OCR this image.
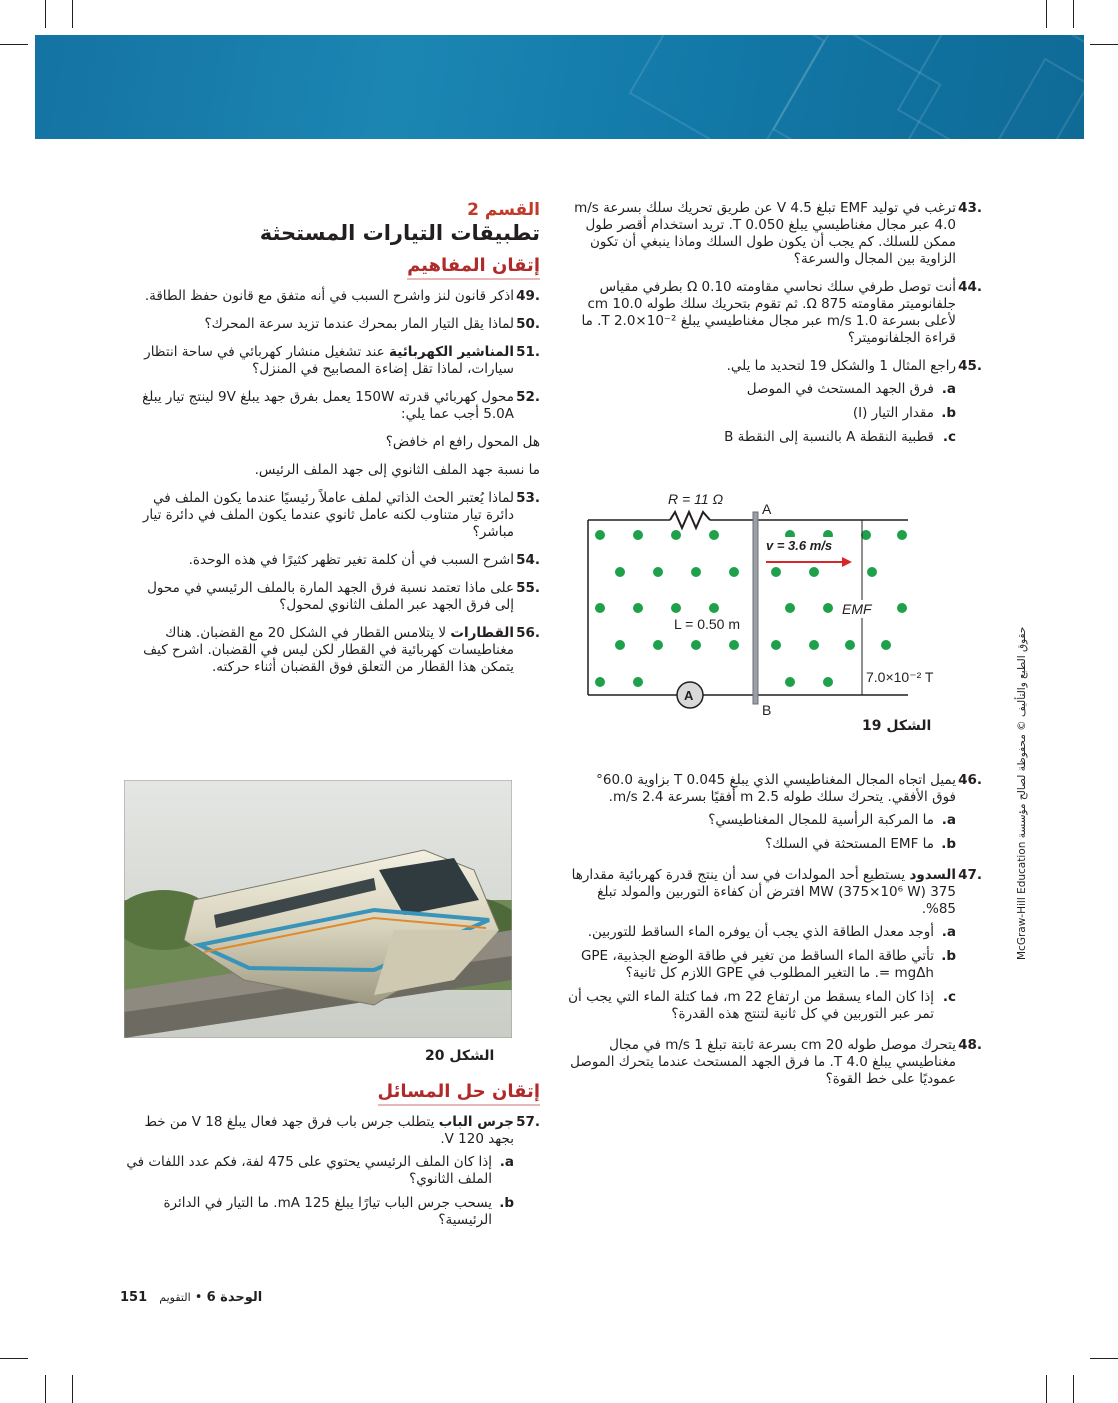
43.

ترغب في توليد EMF تبلغ V 4.5 عن طريق تحريك سلك بسرعة m/s 4.0 عبر مجال مغناطيسي يبلغ T 0.050. تريد استخدام أقصر طول ممكن للسلك. كم يجب أن يكون طول السلك وماذا ينبغي أن تكون الزاوية بين المجال والسرعة؟

44.

أنت توصل طرفي سلك نحاسي مقاومته Ω 0.10 بطرفي مقياس جلفانوميتر مقاومته Ω 875. ثم تقوم بتحريك سلك طوله cm 10.0 لأعلى بسرعة m/s 1.0 عبر مجال مغناطيسي يبلغ T 2.0×10⁻². ما قراءة الجلفانوميتر؟

45.

راجع المثال 1 والشكل 19 لتحديد ما يلي.

a.

فرق الجهد المستحث في الموصل

b.

مقدار التيار (I)

c.

قطبية النقطة A بالنسبة إلى النقطة B

R = 11 Ω
A
B
v = 3.6 m/s
L = 0.50 m
EMF
7.0×10⁻² T
A
الشكل 19
46.

يميل اتجاه المجال المغناطيسي الذي يبلغ T 0.045 بزاوية 60.0° فوق الأفقي. يتحرك سلك طوله m 2.5 أفقيًا بسرعة m/s 2.4.

a.

ما المركبة الرأسية للمجال المغناطيسي؟

b.

ما EMF المستحثة في السلك؟

47.

السدود يستطيع أحد المولدات في سد أن ينتج قدرة كهربائية مقدارها 375 MW (375×10⁶ W) افترض أن كفاءة التوربين والمولد تبلغ 85%.

a.

أوجد معدل الطاقة الذي يجب أن يوفره الماء الساقط للتوربين.

b.

تأتي طاقة الماء الساقط من تغير في طاقة الوضع الجذبية، GPE = mgΔh. ما التغير المطلوب في GPE اللازم كل ثانية؟

c.

إذا كان الماء يسقط من ارتفاع m 22، فما كتلة الماء التي يجب أن تمر عبر التوربين في كل ثانية لتنتج هذه القدرة؟

48.

يتحرك موصل طوله cm 20 بسرعة ثابتة تبلغ m/s 1 في مجال مغناطيسي يبلغ T 4.0. ما فرق الجهد المستحث عندما يتحرك الموصل عموديًا على خط القوة؟

القسم 2
تطبيقات التيارات المستحثة
إتقان المفاهيم
49.

اذكر قانون لنز واشرح السبب في أنه متفق مع قانون حفظ الطاقة.

50.

لماذا يقل التيار المار بمحرك عندما تزيد سرعة المحرك؟

51.

المناشير الكهربائية عند تشغيل منشار كهربائي في ساحة انتظار سيارات، لماذا تقل إضاءة المصابيح في المنزل؟

52.

محول كهربائي قدرته 150W يعمل بفرق جهد يبلغ 9V لينتج تيار يبلغ 5.0A أجب عما يلي:

هل المحول رافع ام خافض؟

ما نسبة جهد الملف الثانوي إلى جهد الملف الرئيس.

53.

لماذا يُعتبر الحث الذاتي لملف عاملاً رئيسيًا عندما يكون الملف في دائرة تيار متناوب لكنه عامل ثانوي عندما يكون الملف في دائرة تيار مباشر؟

54.

اشرح السبب في أن كلمة تغير تظهر كثيرًا في هذه الوحدة.

55.

على ماذا تعتمد نسبة فرق الجهد المارة بالملف الرئيسي في محول إلى فرق الجهد عبر الملف الثانوي لمحول؟

56.

القطارات لا يتلامس القطار في الشكل 20 مع القضبان. هناك مغناطيسات كهربائية في القطار لكن ليس في القضبان. اشرح كيف يتمكن هذا القطار من التعلق فوق القضبان أثناء حركته.

الشكل 20
إتقان حل المسائل
57.

جرس الباب يتطلب جرس باب فرق جهد فعال يبلغ V 18 من خط بجهد V 120.

a.

إذا كان الملف الرئيسي يحتوي على 475 لفة، فكم عدد اللفات في الملف الثانوي؟

b.

يسحب جرس الباب تيارًا يبلغ mA 125. ما التيار في الدائرة الرئيسية؟

الوحدة 6 • التقويم 151
McGraw-Hill Education حقوق الطبع والتأليف © محفوظة لصالح مؤسسة
